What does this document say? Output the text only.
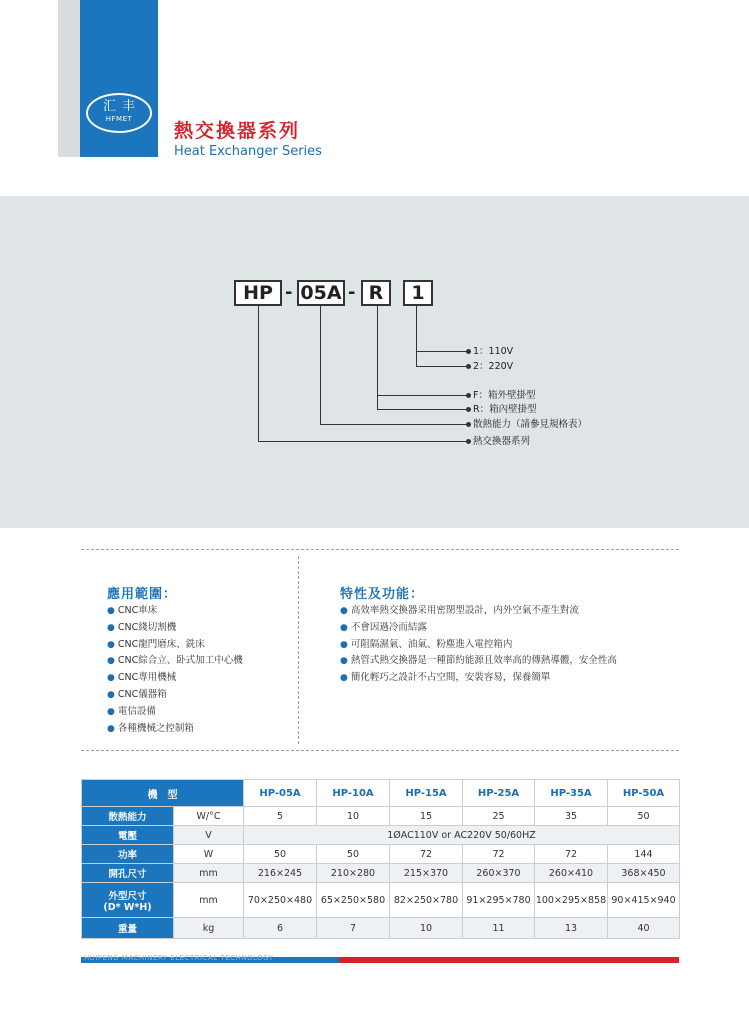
汇丰
HFMET
熱交換器系列
Heat Exchanger Series
HP - 05A - R	1
1：110V
2：220V
F：箱外壁掛型
R：箱內壁掛型
散熱能力（請參見規格表）
熱交換器系列
應用範圍：
● CNC車床
● CNC綫切割機
● CNC龍門磨床、銑床
● CNC綜合立、卧式加工中心機
● CNC專用機械
● CNC儀器箱
● 電信設備
● 各種機械之控制箱
特性及功能：
● 高效率熱交換器采用密閉型設計，内外空氣不產生對流
● 不會因過冷而結露
● 可阻隔濕氣、油氣、粉塵進入電控箱内
● 熱管式熱交換器是一種節約能源且效率高的傳熱導體，安全性高
● 簡化輕巧之設計不占空間，安裝容易，保養簡單
機　型		HP-05A	HP-10A	HP-15A	HP-25A	HP-35A	HP-50A
散熱能力	W/°C	5	10	15	25	35	50
電壓	V	1ØAC110V or AC220V 50/60HZ					
功率	W	50	50	72	72	72	144
開孔尺寸	mm	216×245	210×280	215×370	260×370	260×410	368×450

外型尺寸
(D* W*H)	mm	70×250×480	65×250×580	82×250×780	91×295×780	100×295×858	90×415×940
重量	kg	6	7	10	11	13	40
HUIFENG MACHINERY ELECTRICAL TECHNOLOGY
